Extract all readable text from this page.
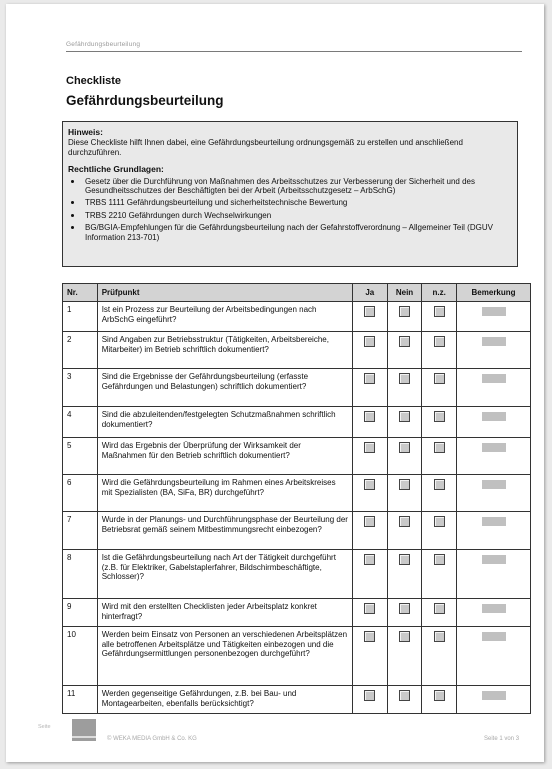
Gefährdungsbeurteilung
Checkliste
Gefährdungsbeurteilung
Hinweis:

Diese Checkliste hilft Ihnen dabei, eine Gefährdungsbeurteilung ordnungsgemäß zu erstellen und anschließend durchzuführen.

Rechtliche Grundlagen:
Gesetz über die Durchführung von Maßnahmen des Arbeitsschutzes zur Verbesserung der Sicherheit und des Gesundheitsschutzes der Beschäftigten bei der Arbeit (Arbeitsschutzgesetz – ArbSchG)
TRBS 1111 Gefährdungsbeurteilung und sicherheitstechnische Bewertung
TRBS 2210 Gefährdungen durch Wechselwirkungen
BG/BGIA-Empfehlungen für die Gefährdungsbeurteilung nach der Gefahrstoffverordnung – Allgemeiner Teil (DGUV Information 213-701)
Nr.	Prüfpunkt	Ja	Nein	n.z.	Bemerkung
1	Ist ein Prozess zur Beurteilung der Arbeitsbedingungen nach ArbSchG eingeführt?				
2	Sind Angaben zur Betriebsstruktur (Tätigkeiten, Arbeitsbereiche, Mitarbeiter) im Betrieb schriftlich dokumentiert?				
3	Sind die Ergebnisse der Gefährdungsbeurteilung (erfasste Gefährdungen und Belastungen) schriftlich dokumentiert?				
4	Sind die abzuleitenden/festgelegten Schutzmaßnahmen schriftlich dokumentiert?				
5	Wird das Ergebnis der Überprüfung der Wirksamkeit der Maßnahmen für den Betrieb schriftlich dokumentiert?				
6	Wird die Gefährdungsbeurteilung im Rahmen eines Arbeitskreises mit Spezialisten (BA, SiFa, BR) durchgeführt?				
7	Wurde in der Planungs- und Durchführungsphase der Beurteilung der Betriebsrat gemäß seinem Mitbestimmungsrecht einbezogen?				
8	Ist die Gefährdungsbeurteilung nach Art der Tätigkeit durchgeführt (z.B. für Elektriker, Gabelstaplerfahrer, Bildschirmbeschäftigte, Schlosser)?				
9	Wird mit den erstellten Checklisten jeder Arbeitsplatz konkret hinterfragt?				
10	Werden beim Einsatz von Personen an verschiedenen Arbeitsplätzen alle betroffenen Arbeitsplätze und Tätigkeiten einbezogen und die Gefährdungsermittlungen personenbezogen durchgeführt?				
11	Werden gegenseitige Gefährdungen, z.B. bei Bau- und Montagearbeiten, ebenfalls berücksichtigt?				
Seite
© WEKA MEDIA GmbH & Co. KG	Seite 1 von 3
